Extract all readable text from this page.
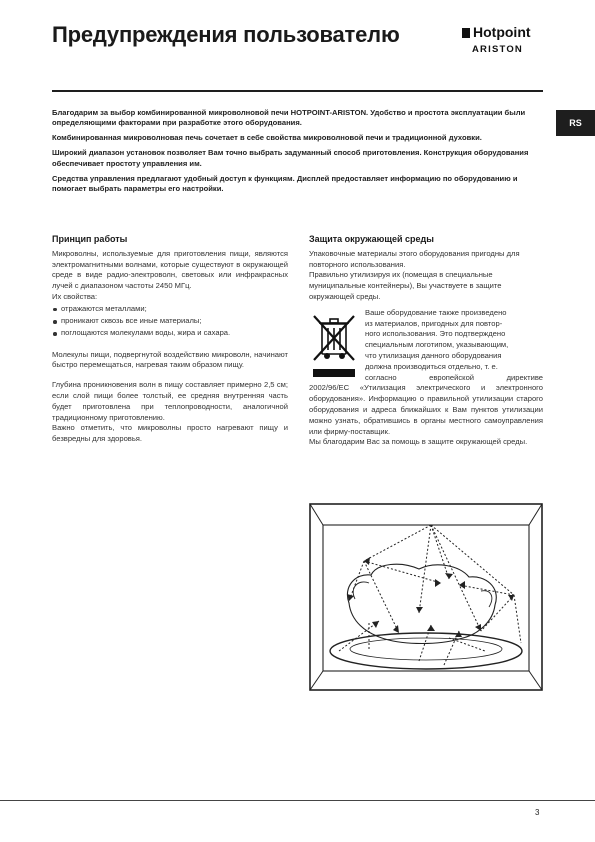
Предупреждения пользователю	Hotpoint
ARISTON
RS

Благодарим за выбор комбинированной микроволновой печи HOTPOINT-ARISTON. Удобство и простота эксплуатации были определяющими факторами при разработке этого оборудования.

Комбинированная микроволновая печь сочетает в себе свойства микроволновой печи и традиционной духовки.

Широкий диапазон установок позволяет Вам точно выбрать задуманный способ приготовления. Конструкция оборудования обеспечивает простоту управления им.

Средства управления предлагают удобный доступ к функциям. Дисплей предоставляет информацию по оборудованию и помогает выбрать параметры его настройки.

Принцип работы

Микроволны, используемые для приготовления пищи, являются электромагнитными волнами, которые существуют в окружающей среде в виде радио-электроволн, световых или инфракрасных лучей с диапазоном частоты 2450 МГц.

Их свойства:

отражаются металлами;
проникают сквозь все иные материалы;
поглощаются молекулами воды, жира и сахара.

Молекулы пищи, подвергнутой воздействию микроволн, начинают быстро перемещаться, нагревая таким образом пищу.

Глубина проникновения волн в пищу составляет примерно 2,5 см; если слой пищи более толстый, ее средняя внутренняя часть будет приготовлена при теплопроводности, аналогичной традиционному приготовлению.

Важно отметить, что микроволны просто нагревают пищу и безвредны для здоровья.

Защита окружающей среды

Упаковочные материалы этого оборудования пригодны для повторного использования.

Правильно утилизируя их (помещая в специальные муниципальные контейнеры), Вы участвуете в защите окружающей среды.

Ваше оборудование также произведено
из материалов, пригодных для повтор-
ного использования. Это подтверждено
специальным логотипом, указывающим,
что утилизация данного оборудования
должна производиться отдельно, т. е.
согласно европейской директиве

2002/96/EC «Утилизация электрического и электронного оборудования». Информацию о правильной утилизации старого оборудования и адреса ближайших к Вам пунктов утилизации можно узнать, обратившись в органы местного самоуправления или фирму-поставщик.

Мы благодарим Вас за помощь в защите окружающей среды.

3
